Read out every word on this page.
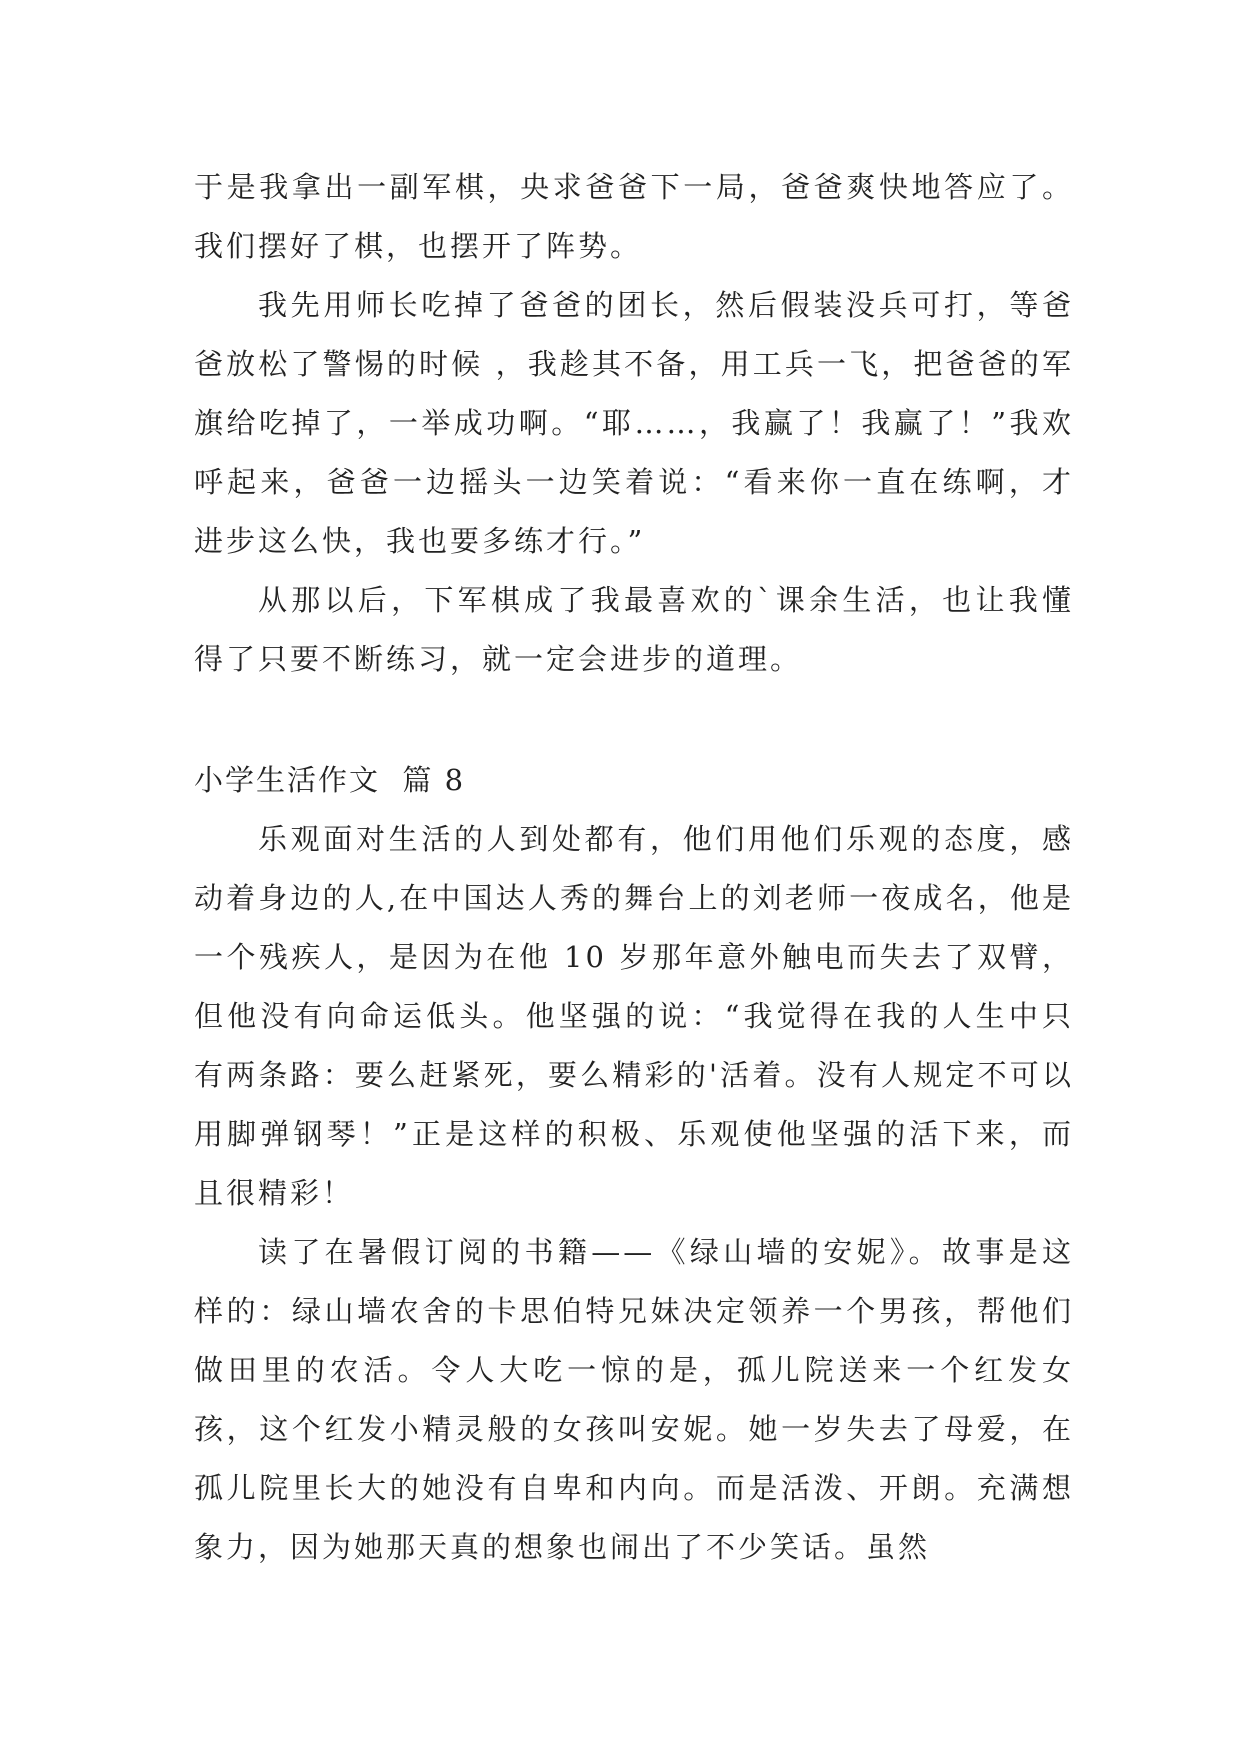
于是我拿出一副军棋，央求爸爸下一局，爸爸爽快地答应了。我们摆好了棋，也摆开了阵势。

我先用师长吃掉了爸爸的团长，然后假装没兵可打，等爸爸放松了警惕的时候 ，我趁其不备，用工兵一飞，把爸爸的军旗给吃掉了，一举成功啊。“耶……，我赢了！我赢了！”我欢呼起来，爸爸一边摇头一边笑着说：“看来你一直在练啊，才进步这么快，我也要多练才行。”

从那以后，下军棋成了我最喜欢的`课余生活，也让我懂得了只要不断练习，就一定会进步的道理。

小学生活作文  篇 8

乐观面对生活的人到处都有，他们用他们乐观的态度，感动着身边的人,在中国达人秀的舞台上的刘老师一夜成名，他是一个残疾人，是因为在他 10 岁那年意外触电而失去了双臂，但他没有向命运低头。他坚强的说：“我觉得在我的人生中只有两条路：要么赶紧死，要么精彩的'活着。没有人规定不可以用脚弹钢琴！”正是这样的积极、乐观使他坚强的活下来，而且很精彩！

读了在暑假订阅的书籍——《绿山墙的安妮》。故事是这样的：绿山墙农舍的卡思伯特兄妹决定领养一个男孩，帮他们做田里的农活。令人大吃一惊的是，孤儿院送来一个红发女孩，这个红发小精灵般的女孩叫安妮。她一岁失去了母爱，在孤儿院里长大的她没有自卑和内向。而是活泼、开朗。充满想象力，因为她那天真的想象也闹出了不少笑话。虽然
